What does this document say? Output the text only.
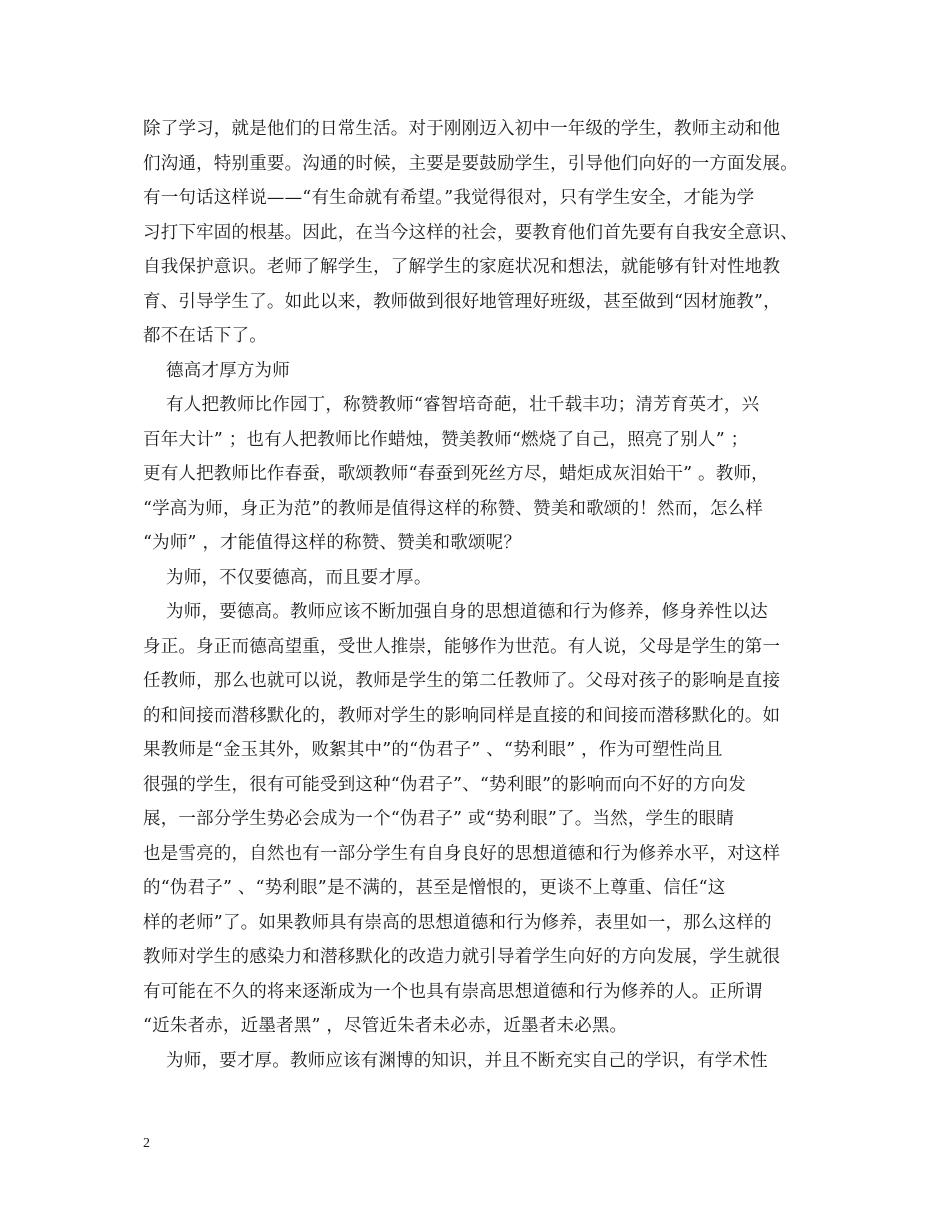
除了学习，就是他们的日常生活。对于刚刚迈入初中一年级的学生，教师主动和他
们沟通，特别重要。沟通的时候，主要是要鼓励学生，引导他们向好的一方面发展。
有一句话这样说——“有生命就有希望。”我觉得很对，只有学生安全，才能为学
习打下牢固的根基。因此，在当今这样的社会，要教育他们首先要有自我安全意识、
自我保护意识。老师了解学生，了解学生的家庭状况和想法，就能够有针对性地教
育、引导学生了。如此以来，教师做到很好地管理好班级，甚至做到“因材施教”，
都不在话下了。
德高才厚方为师
有人把教师比作园丁，称赞教师“睿智培奇葩，壮千载丰功；清芳育英才，兴
百年大计” ；也有人把教师比作蜡烛，赞美教师“燃烧了自己，照亮了别人” ；
更有人把教师比作春蚕，歌颂教师“春蚕到死丝方尽，蜡炬成灰泪始干” 。教师，
“学高为师，身正为范”的教师是值得这样的称赞、赞美和歌颂的！然而，怎么样
“为师” ，才能值得这样的称赞、赞美和歌颂呢？
为师，不仅要德高，而且要才厚。
为师，要德高。教师应该不断加强自身的思想道德和行为修养，修身养性以达
身正。身正而德高望重，受世人推崇，能够作为世范。有人说，父母是学生的第一
任教师，那么也就可以说，教师是学生的第二任教师了。父母对孩子的影响是直接
的和间接而潜移默化的，教师对学生的影响同样是直接的和间接而潜移默化的。如
果教师是“金玉其外，败絮其中”的“伪君子” 、“势利眼” ，作为可塑性尚且
很强的学生，很有可能受到这种“伪君子”、“势利眼”的影响而向不好的方向发
展，一部分学生势必会成为一个“伪君子” 或“势利眼”了。当然，学生的眼睛
也是雪亮的，自然也有一部分学生有自身良好的思想道德和行为修养水平，对这样
的“伪君子” 、“势利眼”是不满的，甚至是憎恨的，更谈不上尊重、信任“这
样的老师”了。如果教师具有崇高的思想道德和行为修养，表里如一，那么这样的
教师对学生的感染力和潜移默化的改造力就引导着学生向好的方向发展，学生就很
有可能在不久的将来逐渐成为一个也具有崇高思想道德和行为修养的人。正所谓
“近朱者赤，近墨者黑” ，尽管近朱者未必赤，近墨者未必黑。
为师，要才厚。教师应该有渊博的知识，并且不断充实自己的学识，有学术性
2
